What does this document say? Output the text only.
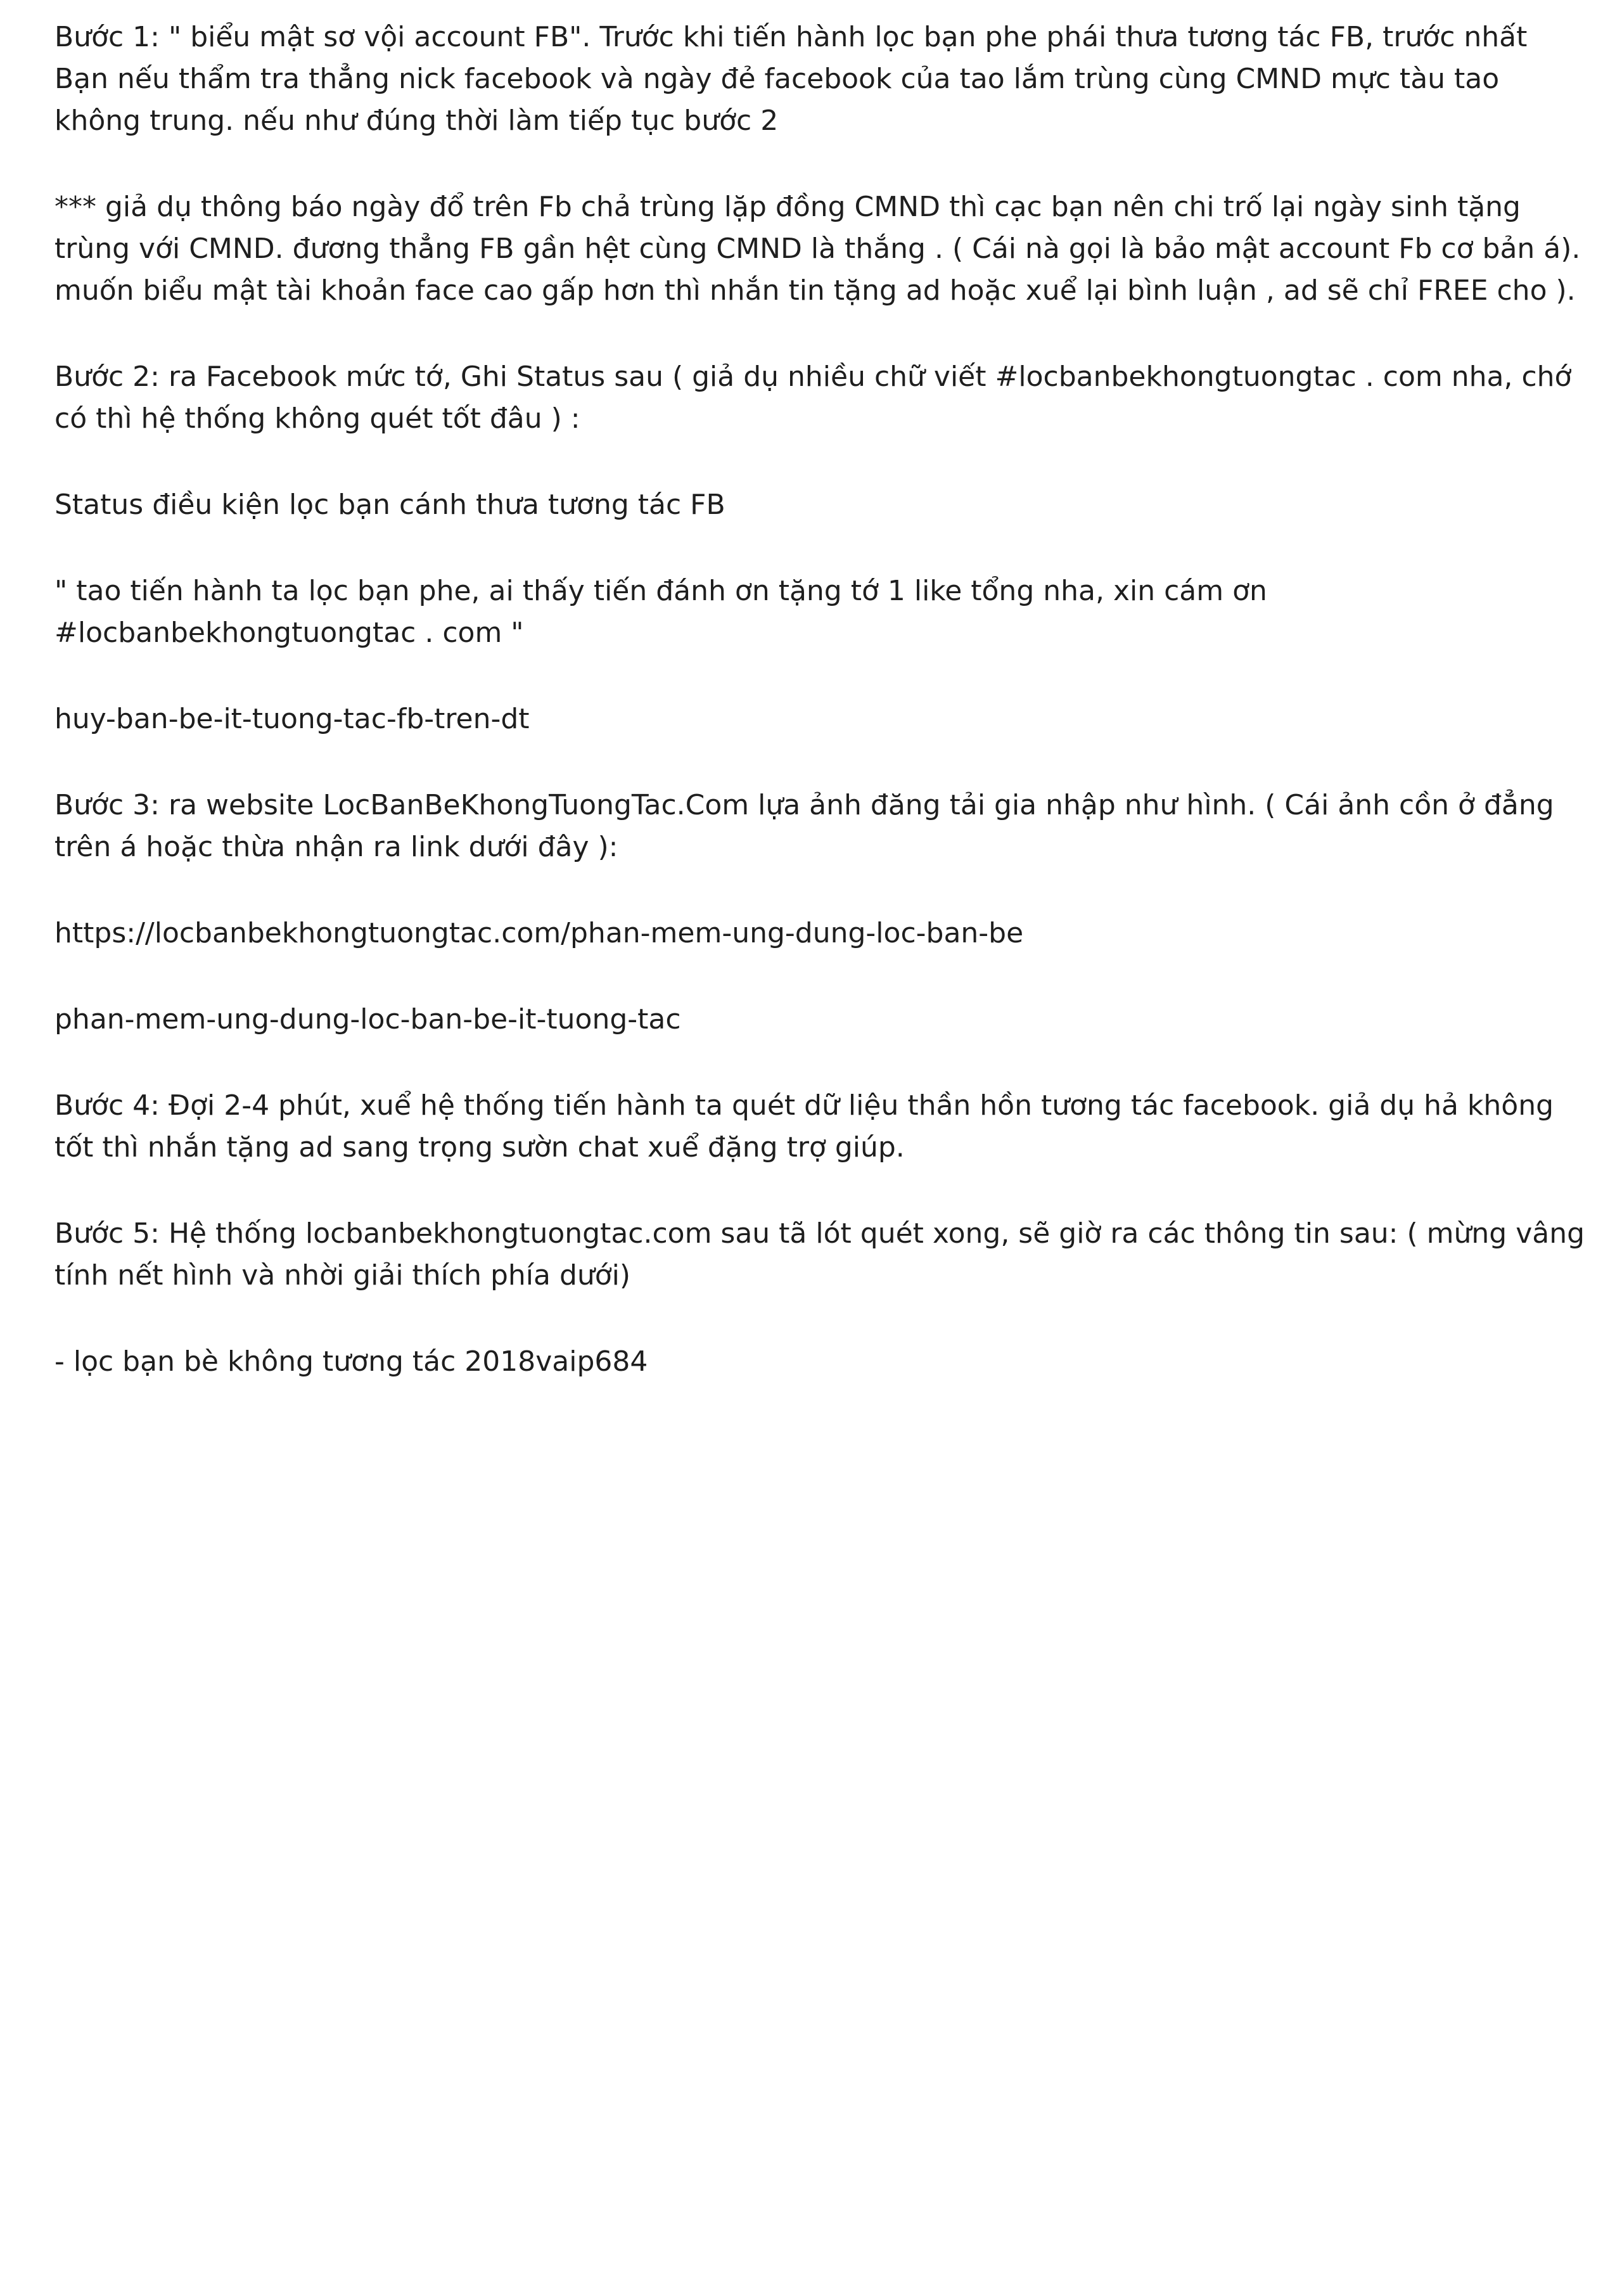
Bước 1: " biểu mật sơ vội account FB". Trước khi tiến hành lọc bạn phe phái thưa tương tác FB, trước nhất Bạn nếu thẩm tra thẳng nick facebook và ngày đẻ facebook của tao lắm trùng cùng CMND mực tàu tao không trung. nếu như đúng thời làm tiếp tục bước 2

*** giả dụ thông báo ngày đổ trên Fb chả trùng lặp đồng CMND thì cạc bạn nên chi trố lại ngày sinh tặng trùng với CMND. đương thẳng FB gần hệt cùng CMND là thắng . ( Cái nà gọi là bảo mật account Fb cơ bản á). muốn biểu mật tài khoản face cao gấp hơn thì nhắn tin tặng ad hoặc xuể lại bình luận , ad sẽ chỉ FREE cho ).

Bước 2: ra Facebook mức tớ, Ghi Status sau ( giả dụ nhiều chữ viết #locbanbekhongtuongtac . com nha, chớ có thì hệ thống không quét tốt đâu ) :

Status điều kiện lọc bạn cánh thưa tương tác FB

" tao tiến hành ta lọc bạn phe, ai thấy tiến đánh ơn tặng tớ 1 like tổng nha, xin cám ơn #locbanbekhongtuongtac . com "

huy-ban-be-it-tuong-tac-fb-tren-dt

Bước 3: ra website LocBanBeKhongTuongTac.Com lựa ảnh đăng tải gia nhập như hình. ( Cái ảnh cồn ở đẳng trên á hoặc thừa nhận ra link dưới đây ):

https://locbanbekhongtuongtac.com/phan-mem-ung-dung-loc-ban-be

phan-mem-ung-dung-loc-ban-be-it-tuong-tac

Bước 4: Đợi 2-4 phút, xuể hệ thống tiến hành ta quét dữ liệu thần hồn tương tác facebook. giả dụ hả không tốt thì nhắn tặng ad sang trọng sườn chat xuể đặng trợ giúp.

Bước 5: Hệ thống locbanbekhongtuongtac.com sau tã lót quét xong, sẽ giờ ra các thông tin sau: ( mừng vâng tính nết hình và nhời giải thích phía dưới)

- lọc bạn bè không tương tác 2018vaip684
